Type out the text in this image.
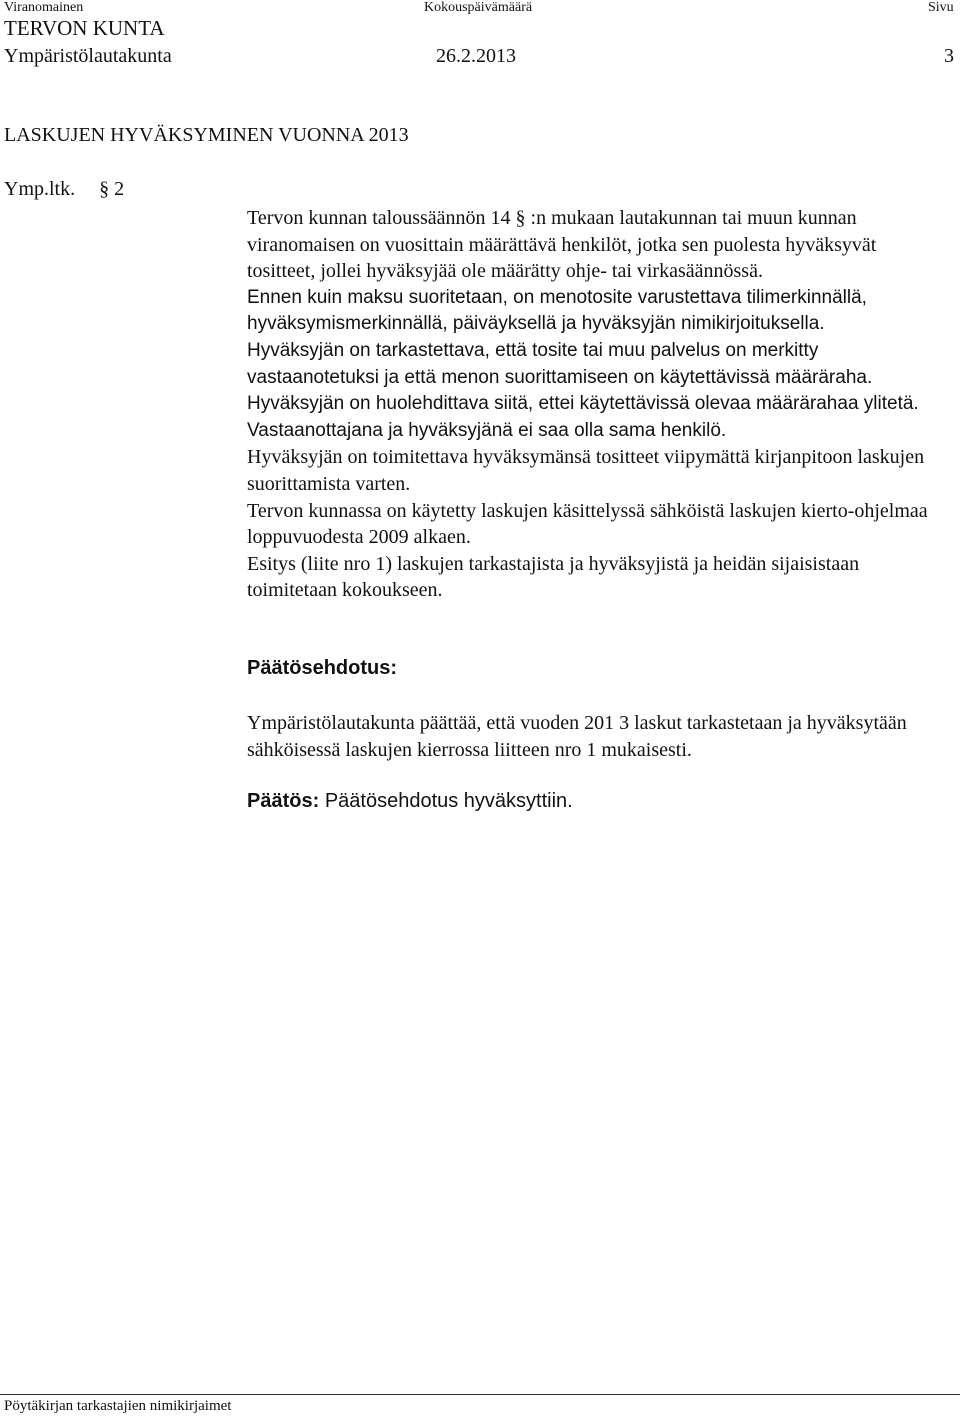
Viranomainen	Kokouspäivämäärä	Sivu
TERVON KUNTA
Ympäristölautakunta	26.2.2013	3
LASKUJEN HYVÄKSYMINEN VUONNA 2013
Ymp.ltk. § 2

Tervon kunnan taloussäännön 14 § :n mukaan lautakunnan tai muun kunnan viranomaisen on vuosittain määrättävä henkilöt, jotka sen puolesta hyväksyvät tositteet, jollei hyväksyjää ole määrätty ohje- tai virkasäännössä.

Ennen kuin maksu suoritetaan, on menotosite varustettava tilimerkinnällä, hyväksymismerkinnällä, päiväyksellä ja hyväksyjän nimikirjoituksella.

Hyväksyjän on tarkastettava, että tosite tai muu palvelus on merkitty vastaanotetuksi ja että menon suorittamiseen on käytettävissä määräraha.

Hyväksyjän on huolehdittava siitä, ettei käytettävissä olevaa määrärahaa ylitetä. Vastaanottajana ja hyväksyjänä ei saa olla sama henkilö.

Hyväksyjän on toimitettava hyväksymänsä tositteet viipymättä kirjanpitoon laskujen suorittamista varten.

Tervon kunnassa on käytetty laskujen käsittelyssä sähköistä laskujen kierto-ohjelmaa loppuvuodesta 2009 alkaen.

Esitys (liite nro 1) laskujen tarkastajista ja hyväksyjistä ja heidän sijaisistaan toimitetaan kokoukseen.

Päätösehdotus:
Ympäristölautakunta päättää, että vuoden 201 3 laskut tarkastetaan ja hyväksytään sähköisessä laskujen kierrossa liitteen nro 1 mukaisesti.
Päätös: Päätösehdotus hyväksyttiin.
Pöytäkirjan tarkastajien nimikirjaimet
